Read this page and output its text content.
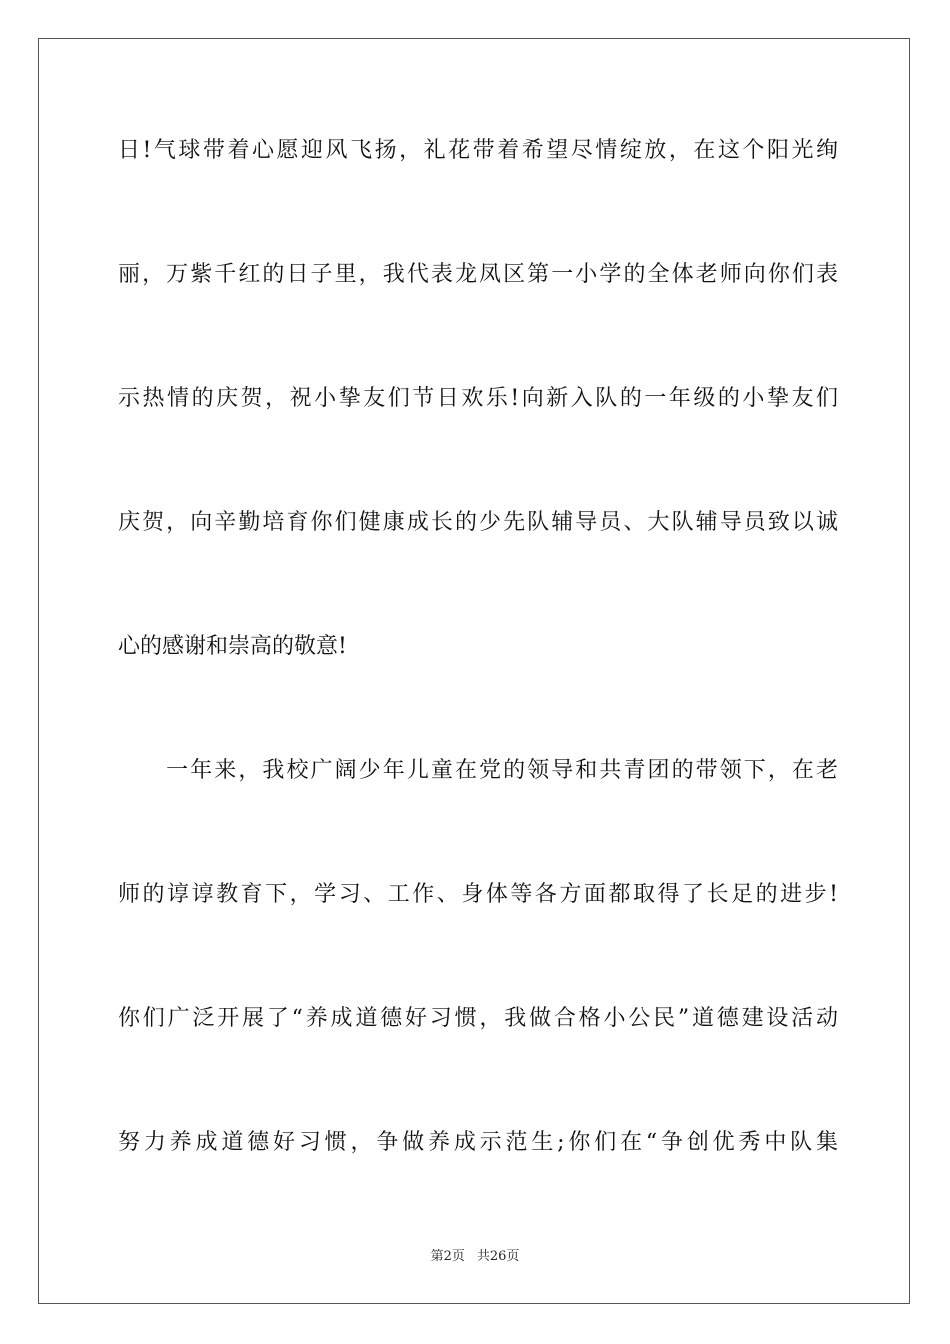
日!气球带着心愿迎风飞扬，礼花带着希望尽情绽放，在这个阳光绚
丽，万紫千红的日子里，我代表龙凤区第一小学的全体老师向你们表
示热情的庆贺，祝小挚友们节日欢乐!向新入队的一年级的小挚友们
庆贺，向辛勤培育你们健康成长的少先队辅导员、大队辅导员致以诚
心的感谢和崇高的敬意!
　　一年来，我校广阔少年儿童在党的领导和共青团的带领下，在老
师的谆谆教育下，学习、工作、身体等各方面都取得了长足的进步!
你们广泛开展了“养成道德好习惯，我做合格小公民”道德建设活动
努力养成道德好习惯，争做养成示范生;你们在“争创优秀中队集
第2页 共26页
